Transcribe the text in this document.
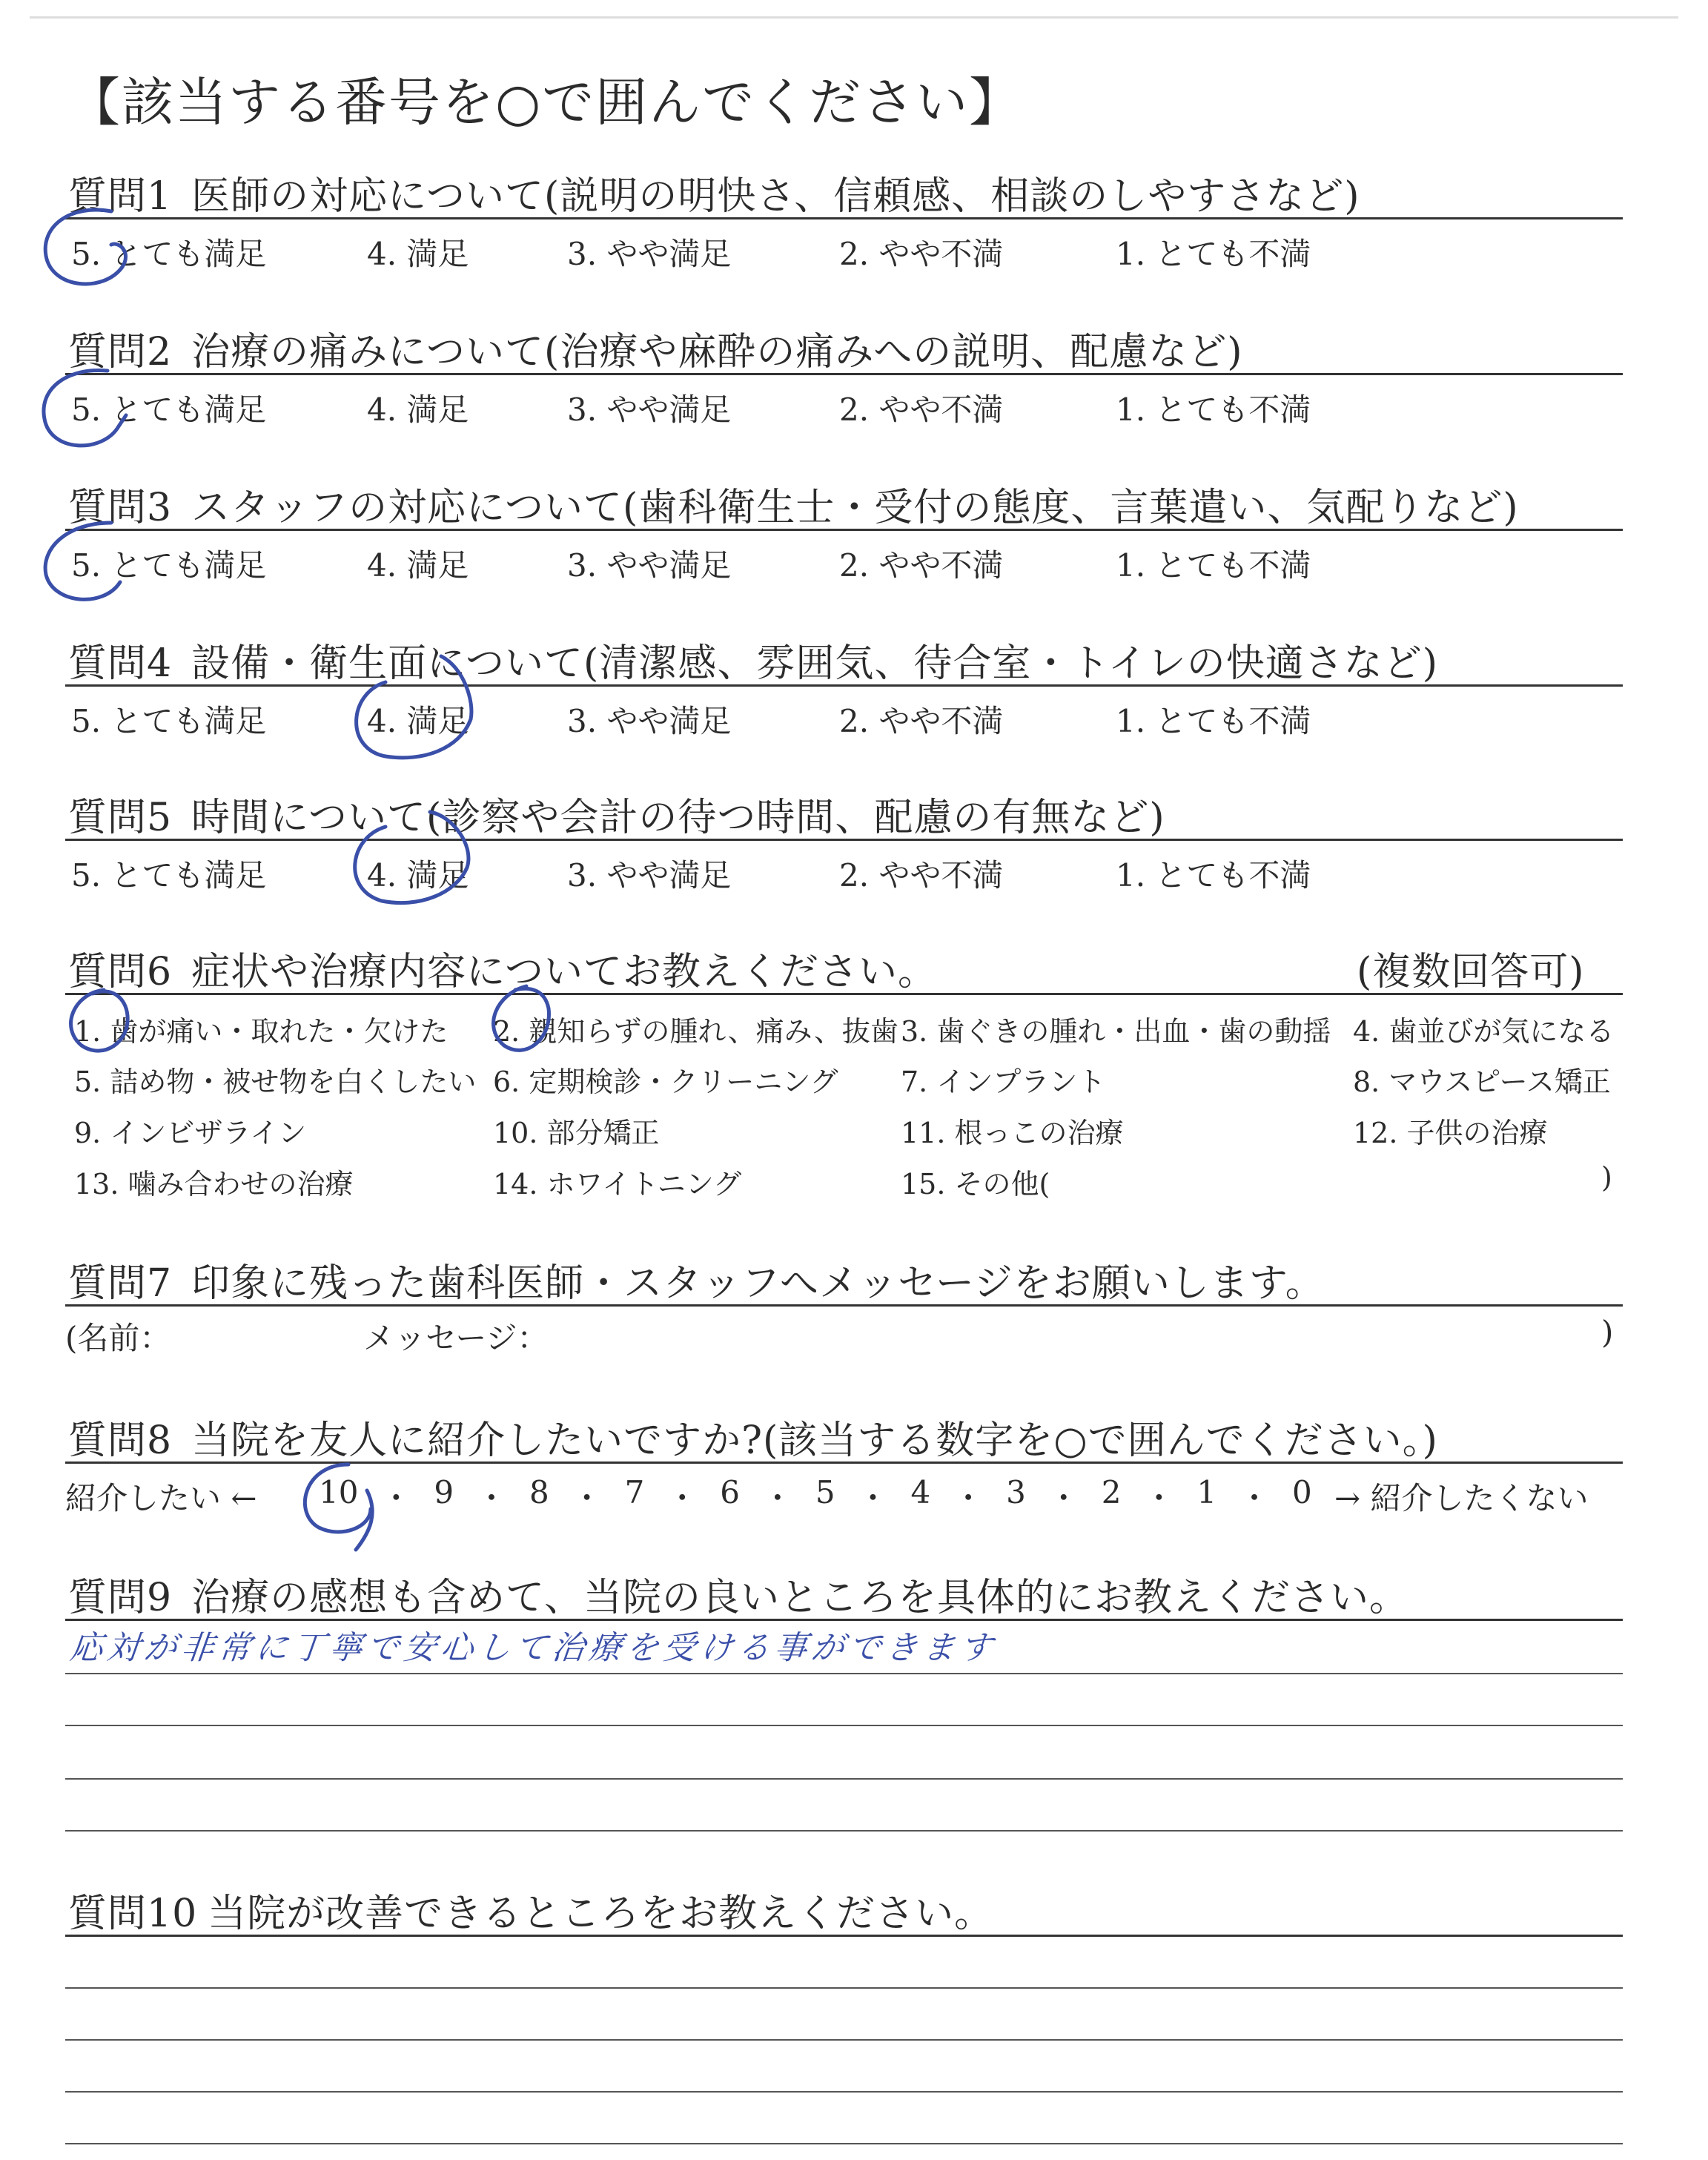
【該当する番号を○で囲んでください】
質問1 医師の対応について(説明の明快さ、信頼感、相談のしやすさなど)
5. とても満足	4. 満足	3. やや満足	2. やや不満	1. とても不満
質問2 治療の痛みについて(治療や麻酔の痛みへの説明、配慮など)
5. とても満足	4. 満足	3. やや満足	2. やや不満	1. とても不満
質問3 スタッフの対応について(歯科衛生士・受付の態度、言葉遣い、気配りなど)
5. とても満足	4. 満足	3. やや満足	2. やや不満	1. とても不満
質問4 設備・衛生面について(清潔感、雰囲気、待合室・トイレの快適さなど)
5. とても満足	4. 満足	3. やや満足	2. やや不満	1. とても不満
質問5 時間について(診察や会計の待つ時間、配慮の有無など)
5. とても満足	4. 満足	3. やや満足	2. やや不満	1. とても不満
質問6 症状や治療内容についてお教えください。	(複数回答可)
1. 歯が痛い・取れた・欠けた 2. 親知らずの腫れ、痛み、抜歯 3. 歯ぐきの腫れ・出血・歯の動揺 4. 歯並びが気になる
5. 詰め物・被せ物を白くしたい 6. 定期検診・クリーニング 7. インプラント	8. マウスピース矯正
9. インビザライン	10. 部分矯正	11. 根っこの治療	12. 子供の治療
13. 噛み合わせの治療	14. ホワイトニング	15. その他(	)
質問7 印象に残った歯科医師・スタッフへメッセージをお願いします。
(名前：	メッセージ：	)
質問8 当院を友人に紹介したいですか?(該当する数字を○で囲んでください。)
紹介したい ←	→ 紹介したくない
10 ・ 9 ・ 8 ・ 7 ・ 6 ・ 5 ・ 4 ・ 3 ・ 2 ・ 1 ・ 0
質問9 治療の感想も含めて、当院の良いところを具体的にお教えください。
応対が非常に丁寧で安心して治療を受ける事ができます
質問10 当院が改善できるところをお教えください。
